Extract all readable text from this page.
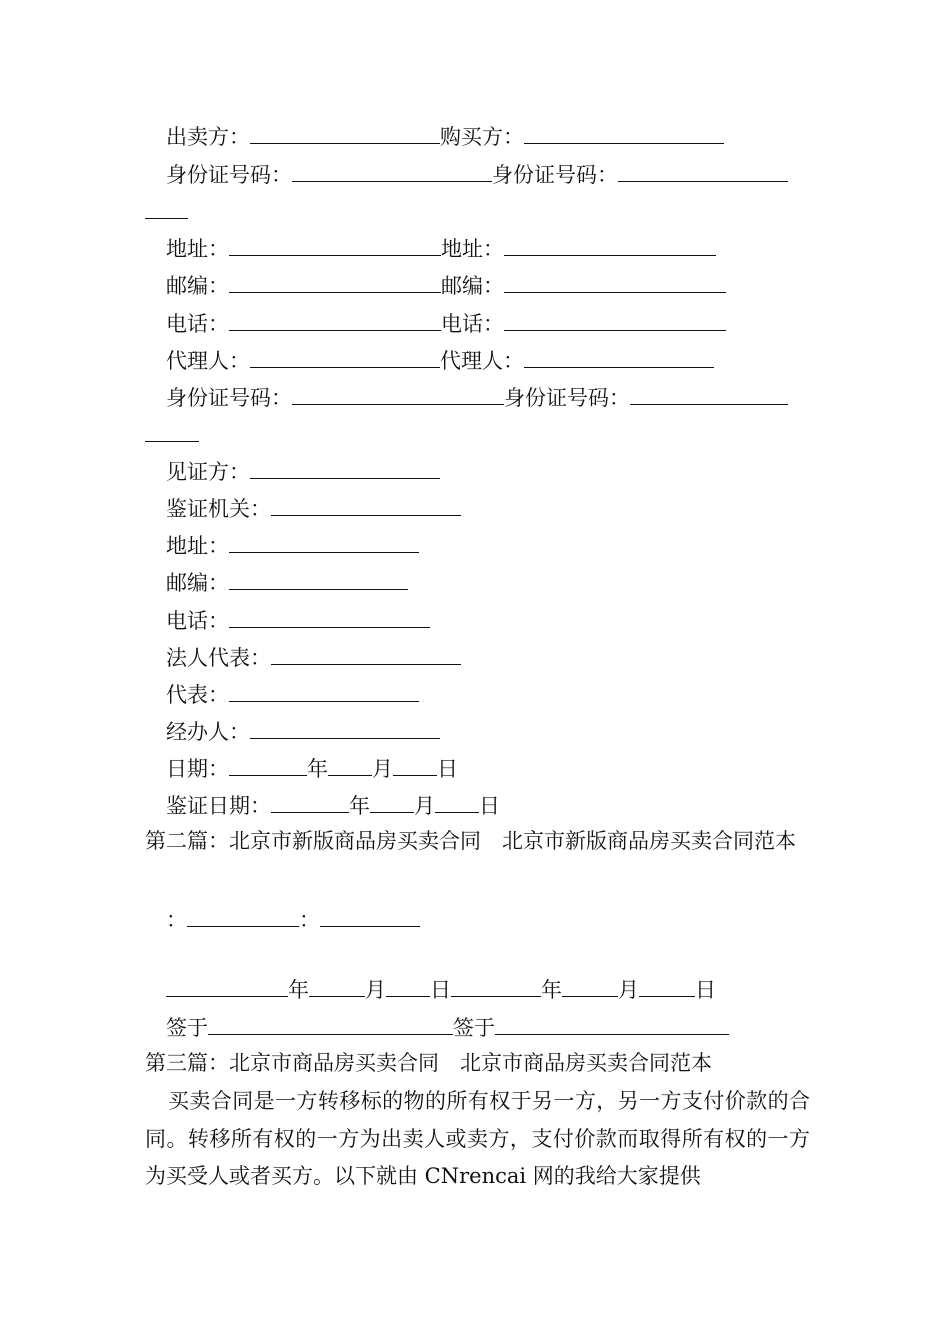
出卖方：	购买方：
身份证号码：	身份证号码：
地址：	地址：
邮编：	邮编：
电话：	电话：
代理人：	代理人：
身份证号码：	身份证号码：
见证方：
鉴证机关：
地址：
邮编：
电话：
法人代表：
代表：
经办人：
日期：	年 月 日
鉴证日期：	年 月 日
第二篇：北京市新版商品房买卖合同　北京市新版商品房买卖合同范本
：	：
年	月 日	年	月	日
签于	签于
第三篇：北京市商品房买卖合同　北京市商品房买卖合同范本
买卖合同是一方转移标的物的所有权于另一方，另一方支付价款的合同。转移所有权的一方为出卖人或卖方，支付价款而取得所有权的一方为买受人或者买方。以下就由 CNrencai 网的我给大家提供
